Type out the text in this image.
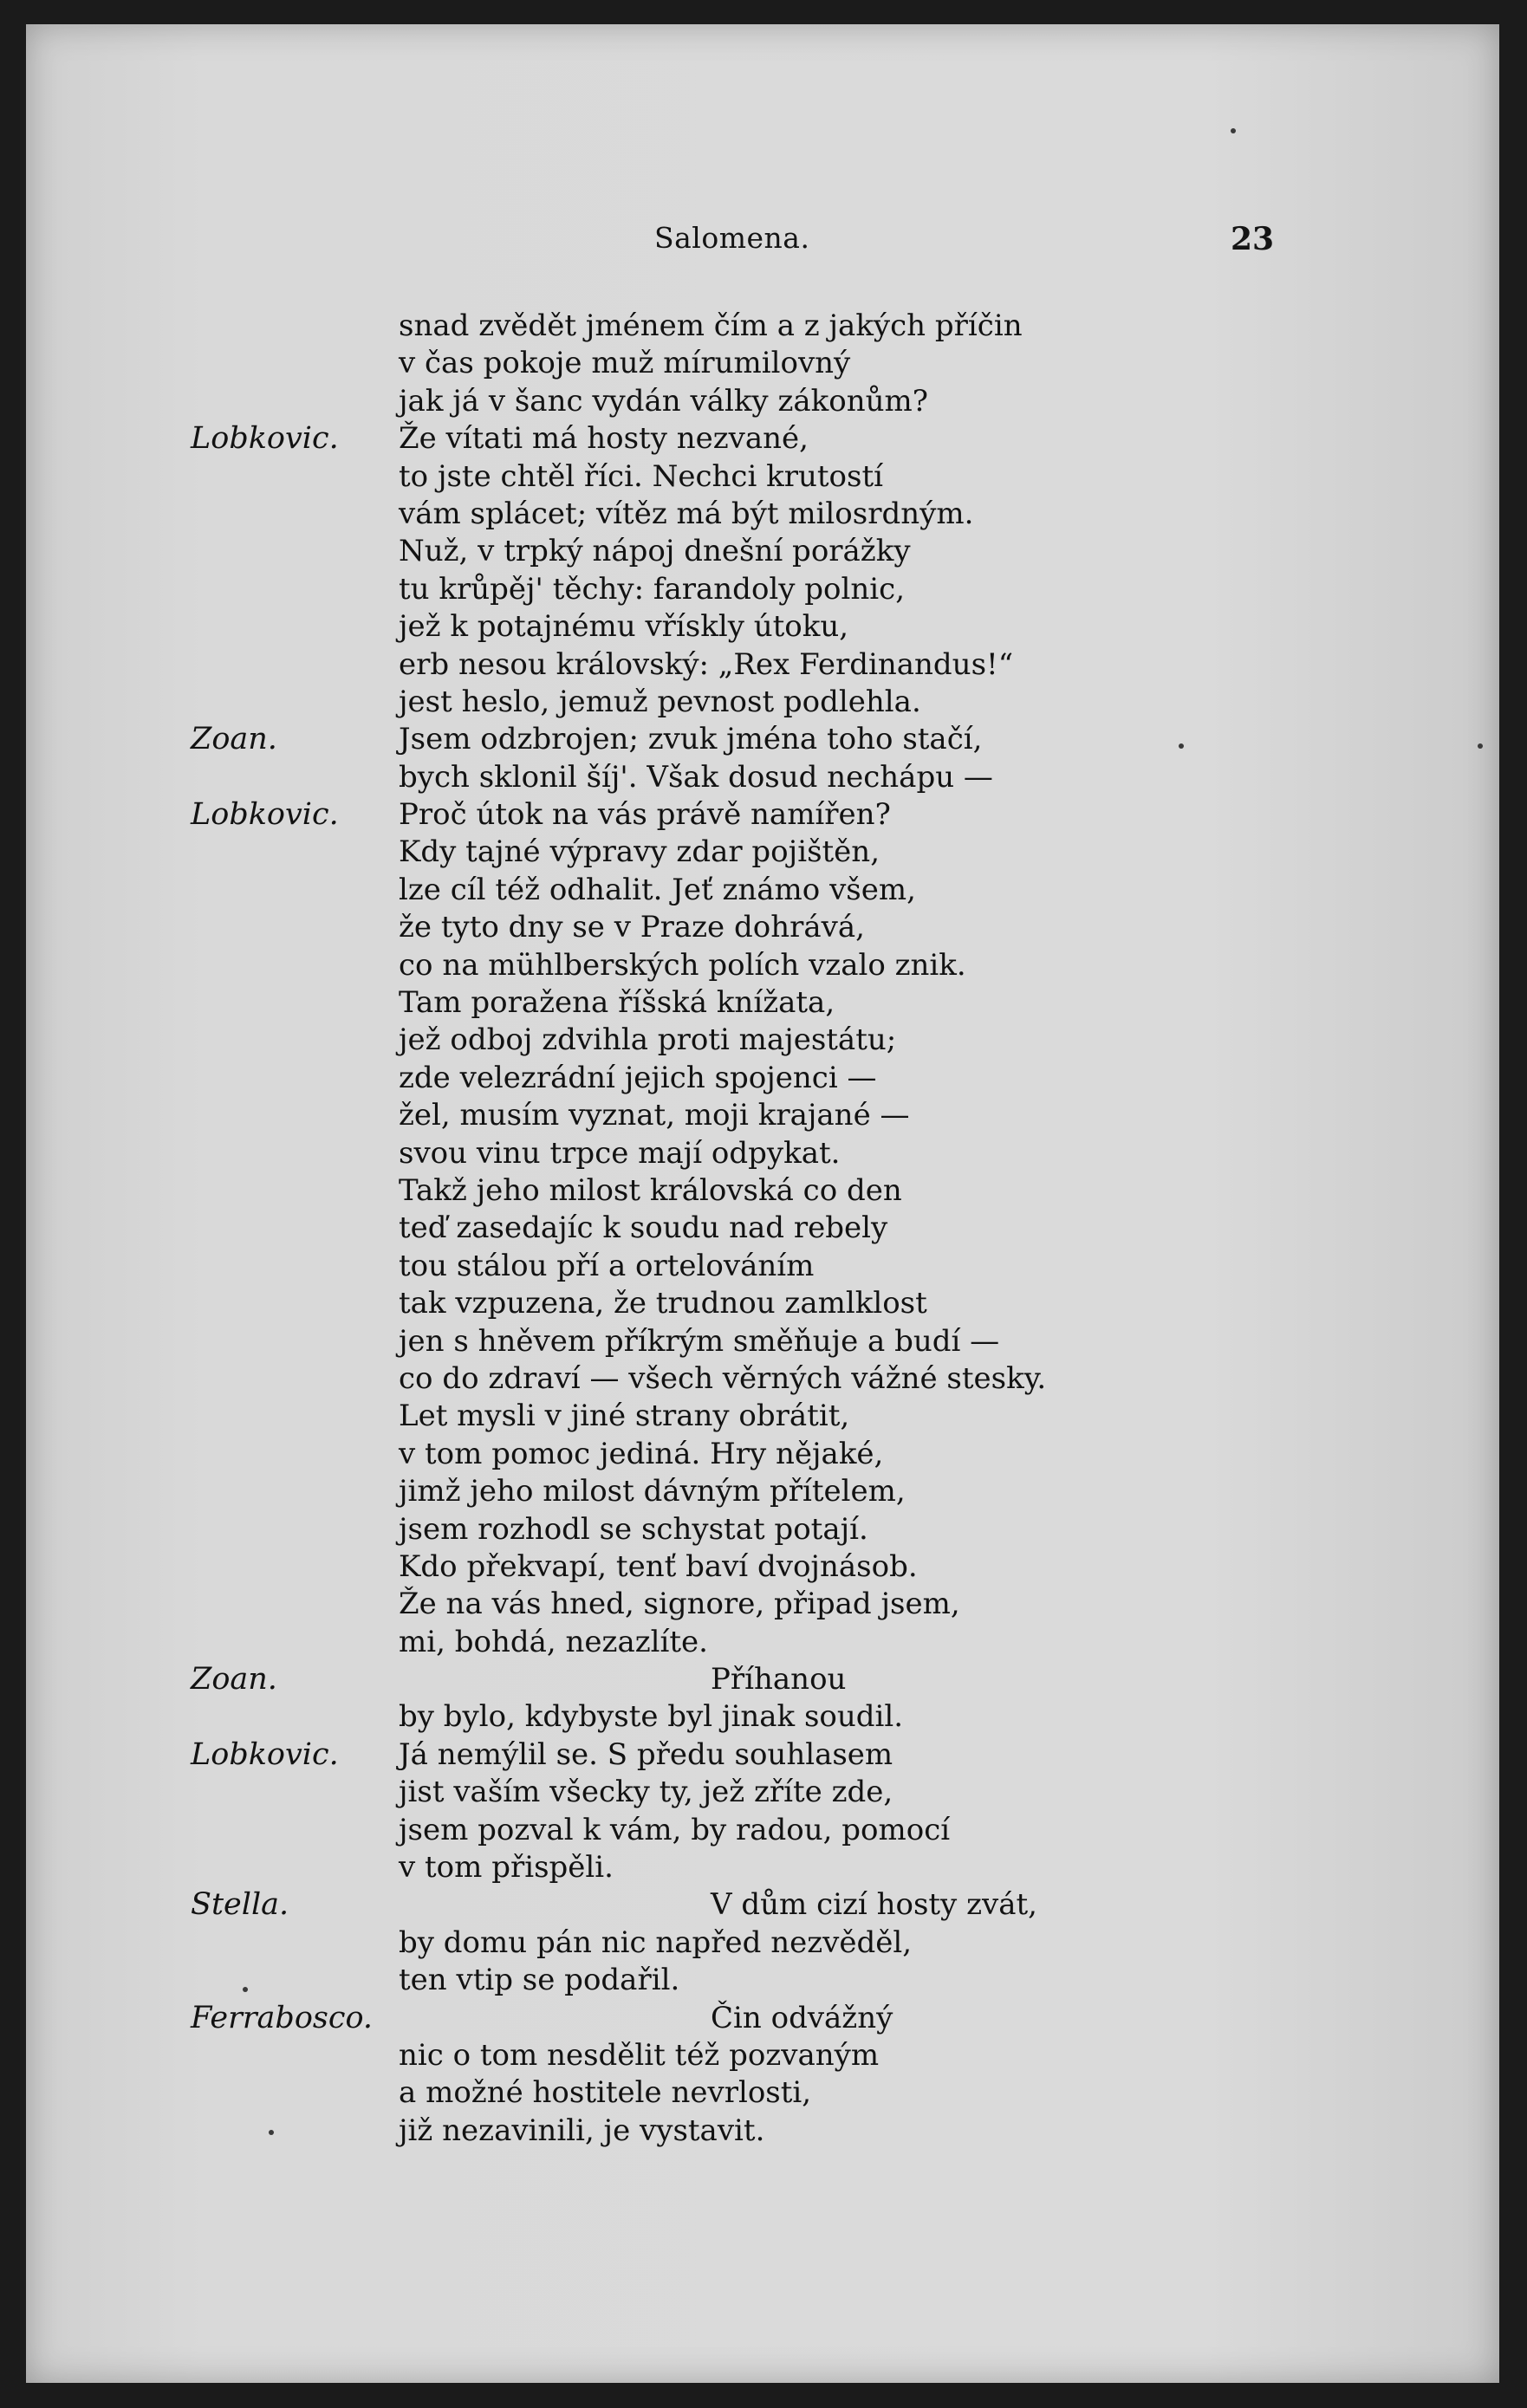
Salomena.	23
snad zvědět jménem čím a z jakých příčin
v čas pokoje muž mírumilovný
jak já v šanc vydán války zákonům?
Lobkovic. Že vítati má hosty nezvané,
to jste chtěl říci. Nechci krutostí
vám splácet; vítěz má být milosrdným.
Nuž, v trpký nápoj dnešní porážky
tu krůpěj' těchy: farandoly polnic,
jež k potajnému vřískly útoku,
erb nesou královský: „Rex Ferdinandus!“
jest heslo, jemuž pevnost podlehla.
Zoan.	Jsem odzbrojen; zvuk jména toho stačí,
bych sklonil šíj'. Však dosud nechápu —
Lobkovic. Proč útok na vás právě namířen?
Kdy tajné výpravy zdar pojištěn,
lze cíl též odhalit. Jeť známo všem,
že tyto dny se v Praze dohrává,
co na mühlberských polích vzalo znik.
Tam poražena říšská knížata,
jež odboj zdvihla proti majestátu;
zde velezrádní jejich spojenci —
žel, musím vyznat, moji krajané —
svou vinu trpce mají odpykat.
Takž jeho milost královská co den
teď zasedajíc k soudu nad rebely
tou stálou pří a ortelováním
tak vzpuzena, že trudnou zamlklost
jen s hněvem příkrým směňuje a budí —
co do zdraví — všech věrných vážné stesky.
Let mysli v jiné strany obrátit,
v tom pomoc jediná. Hry nějaké,
jimž jeho milost dávným přítelem,
jsem rozhodl se schystat potají.
Kdo překvapí, tenť baví dvojnásob.
Že na vás hned, signore, připad jsem,
mi, bohdá, nezazlíte.
Zoan.	Příhanou
by bylo, kdybyste byl jinak soudil.
Lobkovic. Já nemýlil se. S předu souhlasem
jist vaším všecky ty, jež zříte zde,
jsem pozval k vám, by radou, pomocí
v tom přispěli.
Stella.	V dům cizí hosty zvát,
by domu pán nic napřed nezvěděl,
ten vtip se podařil.
Ferrabosco.	Čin odvážný
nic o tom nesdělit též pozvaným
a možné hostitele nevrlosti,
již nezavinili, je vystavit.
